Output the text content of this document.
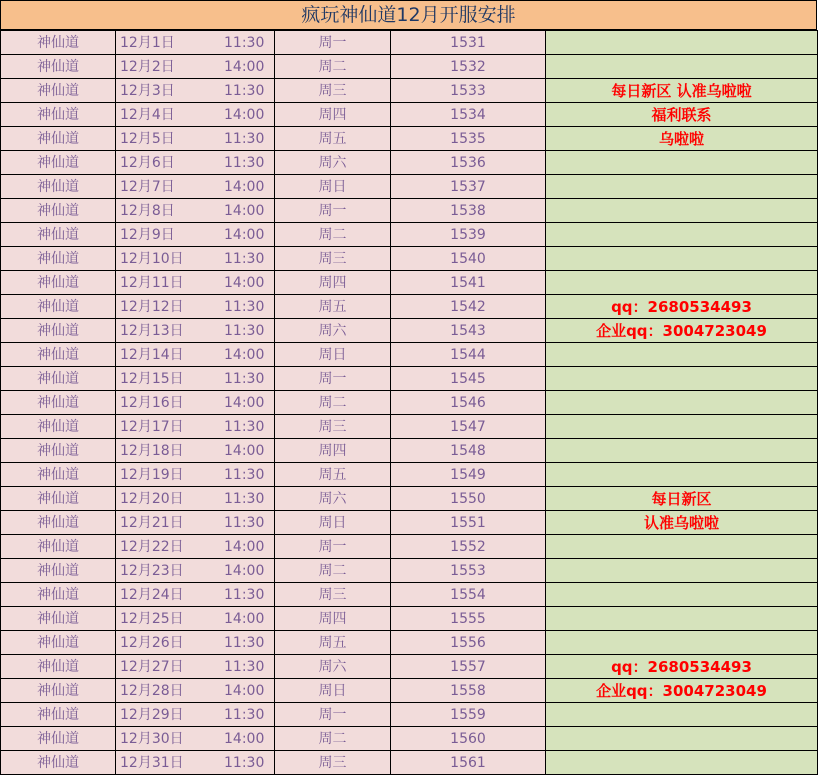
疯玩神仙道12月开服安排
神仙道	12月1日 11:30	周一	1531	
神仙道	12月2日 14:00	周二	1532	
神仙道	12月3日 11:30	周三	1533	每日新区 认准乌啦啦
神仙道	12月4日 14:00	周四	1534	福利联系
神仙道	12月5日 11:30	周五	1535	乌啦啦
神仙道	12月6日 11:30	周六	1536	
神仙道	12月7日 14:00	周日	1537	
神仙道	12月8日 14:00	周一	1538	
神仙道	12月9日 14:00	周二	1539	
神仙道	12月10日 11:30	周三	1540	
神仙道	12月11日 14:00	周四	1541	
神仙道	12月12日 11:30	周五	1542	qq：2680534493
神仙道	12月13日 11:30	周六	1543	企业qq：3004723049
神仙道	12月14日 14:00	周日	1544	
神仙道	12月15日 11:30	周一	1545	
神仙道	12月16日 14:00	周二	1546	
神仙道	12月17日 11:30	周三	1547	
神仙道	12月18日 14:00	周四	1548	
神仙道	12月19日 11:30	周五	1549	
神仙道	12月20日 11:30	周六	1550	每日新区
神仙道	12月21日 11:30	周日	1551	认准乌啦啦
神仙道	12月22日 14:00	周一	1552	
神仙道	12月23日 14:00	周二	1553	
神仙道	12月24日 11:30	周三	1554	
神仙道	12月25日 14:00	周四	1555	
神仙道	12月26日 11:30	周五	1556	
神仙道	12月27日 11:30	周六	1557	qq：2680534493
神仙道	12月28日 14:00	周日	1558	企业qq：3004723049
神仙道	12月29日 11:30	周一	1559	
神仙道	12月30日 14:00	周二	1560	
神仙道	12月31日 11:30	周三	1561	
